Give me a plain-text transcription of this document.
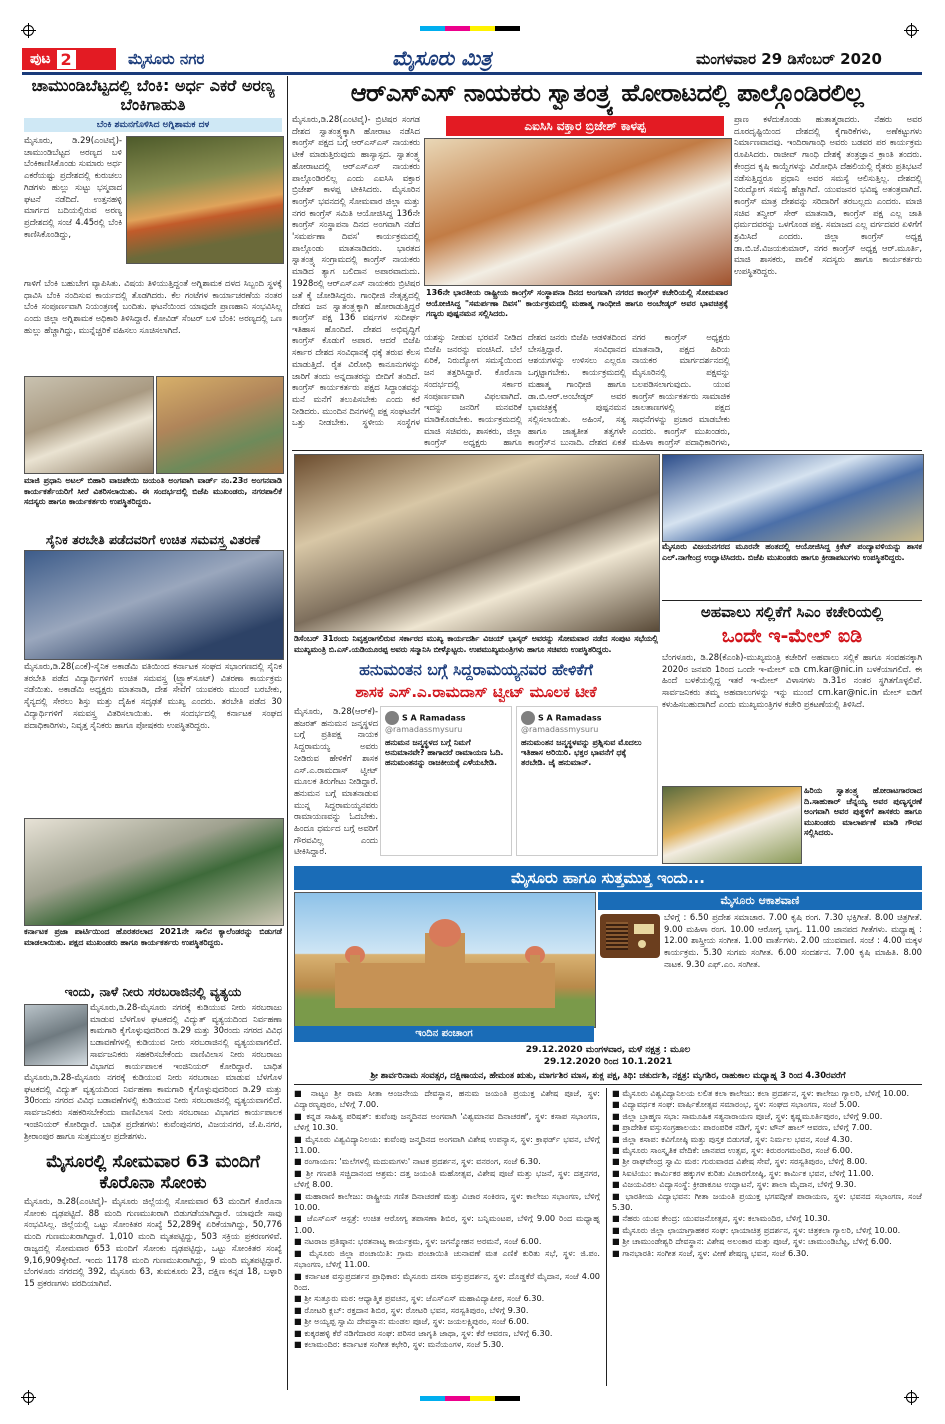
ಪುಟ 2	ಮೈಸೂರು ನಗರ	ಮೈಸೂರು ಮಿತ್ರ	ಮಂಗಳವಾರ 29 ಡಿಸೆಂಬರ್ 2020
ಚಾಮುಂಡಿಬೆಟ್ಟದಲ್ಲಿ ಬೆಂಕಿ: ಅರ್ಧ ಎಕರೆ ಅರಣ್ಯ ಬೆಂಕಿಗಾಹುತಿ
ಬೆಂಕಿ ಶಮನಗೊಳಿಸಿದ ಅಗ್ನಿಶಾಮಕ ದಳ
ಮೈಸೂರು, ಡಿ.29(ಎಂಟಿವೈ)- ಚಾಮುಂಡಿಬೆಟ್ಟದ ಅರಣ್ಯದ ಬಳಿ ಬೆಂಕಿಕಾಣಿಸಿಕೊಂಡು ಸುಮಾರು ಅರ್ಧ ಎಕರೆಯಷ್ಟು ಪ್ರದೇಶದಲ್ಲಿ ಕುರುಚಲು ಗಿಡಗಳು ಹುಲ್ಲು ಸುಟ್ಟು ಭಸ್ಮವಾದ ಘಟನೆ ನಡೆದಿದೆ. ಉತ್ತನಹಳ್ಳಿ ಮಾರ್ಗದ ಬದಿಯಲ್ಲಿರುವ ಅರಣ್ಯ ಪ್ರದೇಶದಲ್ಲಿ ಸಂಜೆ 4.45ರಲ್ಲಿ ಬೆಂಕಿ ಕಾಣಿಸಿಕೊಂಡಿದ್ದು,
ಗಾಳಿಗೆ ಬೆಂಕಿ ಬಹುಬೇಗ ವ್ಯಾಪಿಸಿತು. ವಿಷಯ ತಿಳಿಯುತ್ತಿದ್ದಂತೆ ಅಗ್ನಿಶಾಮಕ ದಳದ ಸಿಬ್ಬಂದಿ ಸ್ಥಳಕ್ಕೆ ಧಾವಿಸಿ ಬೆಂಕಿ ನಂದಿಸುವ ಕಾರ್ಯದಲ್ಲಿ ತೊಡಗಿದರು. ಕೆಲ ಗಂಟೆಗಳ ಕಾರ್ಯಾಚರಣೆಯ ನಂತರ ಬೆಂಕಿ ಸಂಪೂರ್ಣವಾಗಿ ನಿಯಂತ್ರಣಕ್ಕೆ ಬಂದಿತು. ಘಟನೆಯಿಂದ ಯಾವುದೇ ಪ್ರಾಣಹಾನಿ ಸಂಭವಿಸಿಲ್ಲ ಎಂದು ಜಿಲ್ಲಾ ಅಗ್ನಿಶಾಮಕ ಅಧಿಕಾರಿ ತಿಳಿಸಿದ್ದಾರೆ. ಕೋವಿಡ್ ಸೆಂಟರ್ ಬಳಿ ಬೆಂಕಿ: ಅರಣ್ಯದಲ್ಲಿ ಒಣ ಹುಲ್ಲು ಹೆಚ್ಚಾಗಿದ್ದು, ಮುನ್ನೆಚ್ಚರಿಕೆ ವಹಿಸಲು ಸೂಚಿಸಲಾಗಿದೆ.
ಮಾಜಿ ಪ್ರಧಾನಿ ಅಟಲ್ ಬಿಹಾರಿ ವಾಜಪೇಯಿ ಜಯಂತಿ ಅಂಗವಾಗಿ ವಾರ್ಡ್ ನಂ.23ರ ಅಂಗನವಾಡಿ ಕಾರ್ಯಕರ್ತೆಯರಿಗೆ ಸೀರೆ ವಿತರಿಸಲಾಯಿತು. ಈ ಸಂದರ್ಭದಲ್ಲಿ ಬಿಜೆಪಿ ಮುಖಂಡರು, ನಗರಪಾಲಿಕೆ ಸದಸ್ಯರು ಹಾಗೂ ಕಾರ್ಯಕರ್ತರು ಉಪಸ್ಥಿತರಿದ್ದರು.
ಸೈನಿಕ ತರಬೇತಿ ಪಡೆದವರಿಗೆ ಉಚಿತ ಸಮವಸ್ತ್ರ ವಿತರಣೆ
ಮೈಸೂರು,ಡಿ.28(ಎಂಕೆ)-ಸೈನಿಕ ಅಕಾಡೆಮಿ ವತಿಯಿಂದ ಕರ್ನಾಟಕ ಸಂಘದ ಸಭಾಂಗಣದಲ್ಲಿ ಸೈನಿಕ ತರಬೇತಿ ಪಡೆದ ವಿದ್ಯಾರ್ಥಿಗಳಿಗೆ ಉಚಿತ ಸಮವಸ್ತ್ರ (ಟ್ರ್ಯಾಕ್‌ಸೂಟ್) ವಿತರಣಾ ಕಾರ್ಯಕ್ರಮ ನಡೆಯಿತು. ಅಕಾಡೆಮಿ ಅಧ್ಯಕ್ಷರು ಮಾತನಾಡಿ, ದೇಶ ಸೇವೆಗೆ ಯುವಕರು ಮುಂದೆ ಬರಬೇಕು, ಸೈನ್ಯದಲ್ಲಿ ಸೇರಲು ಶಿಸ್ತು ಮತ್ತು ದೈಹಿಕ ಸದೃಢತೆ ಮುಖ್ಯ ಎಂದರು. ತರಬೇತಿ ಪಡೆದ 30 ವಿದ್ಯಾರ್ಥಿಗಳಿಗೆ ಸಮವಸ್ತ್ರ ವಿತರಿಸಲಾಯಿತು. ಈ ಸಂದರ್ಭದಲ್ಲಿ ಕರ್ನಾಟಕ ಸಂಘದ ಪದಾಧಿಕಾರಿಗಳು, ನಿವೃತ್ತ ಸೈನಿಕರು ಹಾಗೂ ಪೋಷಕರು ಉಪಸ್ಥಿತರಿದ್ದರು.
ಕರ್ನಾಟಕ ಪ್ರಜಾ ಪಾರ್ಟಿಯಿಂದ ಹೊರತರಲಾದ 2021ನೇ ಸಾಲಿನ ಕ್ಯಾಲೆಂಡರನ್ನು ಬಿಡುಗಡೆ ಮಾಡಲಾಯಿತು. ಪಕ್ಷದ ಮುಖಂಡರು ಹಾಗೂ ಕಾರ್ಯಕರ್ತರು ಉಪಸ್ಥಿತರಿದ್ದರು.
ಇಂದು, ನಾಳೆ ನೀರು ಸರಬರಾಜಿನಲ್ಲಿ ವ್ಯತ್ಯಯ
ಮೈಸೂರು,ಡಿ.28-ಮೈಸೂರು ನಗರಕ್ಕೆ ಕುಡಿಯುವ ನೀರು ಸರಬರಾಜು ಮಾಡುವ ಬೆಳಗೊಳ ಘಟಕದಲ್ಲಿ ವಿದ್ಯುತ್ ವ್ಯತ್ಯಯದಿಂದ ನಿರ್ವಹಣಾ ಕಾಮಗಾರಿ ಕೈಗೊಳ್ಳುವುದರಿಂದ ಡಿ.29 ಮತ್ತು 30ರಂದು ನಗರದ ವಿವಿಧ ಬಡಾವಣೆಗಳಲ್ಲಿ ಕುಡಿಯುವ ನೀರು ಸರಬರಾಜಿನಲ್ಲಿ ವ್ಯತ್ಯಯವಾಗಲಿದೆ. ಸಾರ್ವಜನಿಕರು ಸಹಕರಿಸಬೇಕೆಂದು ವಾಣಿವಿಲಾಸ ನೀರು ಸರಬರಾಜು ವಿಭಾಗದ ಕಾರ್ಯಪಾಲಕ ಇಂಜಿನಿಯರ್ ಕೋರಿದ್ದಾರೆ. ಬಾಧಿತ
ಮೈಸೂರು,ಡಿ.28-ಮೈಸೂರು ನಗರಕ್ಕೆ ಕುಡಿಯುವ ನೀರು ಸರಬರಾಜು ಮಾಡುವ ಬೆಳಗೊಳ ಘಟಕದಲ್ಲಿ ವಿದ್ಯುತ್ ವ್ಯತ್ಯಯದಿಂದ ನಿರ್ವಹಣಾ ಕಾಮಗಾರಿ ಕೈಗೊಳ್ಳುವುದರಿಂದ ಡಿ.29 ಮತ್ತು 30ರಂದು ನಗರದ ವಿವಿಧ ಬಡಾವಣೆಗಳಲ್ಲಿ ಕುಡಿಯುವ ನೀರು ಸರಬರಾಜಿನಲ್ಲಿ ವ್ಯತ್ಯಯವಾಗಲಿದೆ. ಸಾರ್ವಜನಿಕರು ಸಹಕರಿಸಬೇಕೆಂದು ವಾಣಿವಿಲಾಸ ನೀರು ಸರಬರಾಜು ವಿಭಾಗದ ಕಾರ್ಯಪಾಲಕ ಇಂಜಿನಿಯರ್ ಕೋರಿದ್ದಾರೆ. ಬಾಧಿತ ಪ್ರದೇಶಗಳು: ಕುವೆಂಪುನಗರ, ವಿಜಯನಗರ, ಜೆ.ಪಿ.ನಗರ, ಶ್ರೀರಾಂಪುರ ಹಾಗೂ ಸುತ್ತಮುತ್ತಲ ಪ್ರದೇಶಗಳು.
ಮೈಸೂರಲ್ಲಿ ಸೋಮವಾರ 63 ಮಂದಿಗೆ ಕೊರೊನಾ ಸೋಂಕು
ಮೈಸೂರು, ಡಿ.28(ಎಂಟಿವೈ)- ಮೈಸೂರು ಜಿಲ್ಲೆಯಲ್ಲಿ ಸೋಮವಾರ 63 ಮಂದಿಗೆ ಕೊರೊನಾ ಸೋಂಕು ದೃಢಪಟ್ಟಿದೆ. 88 ಮಂದಿ ಗುಣಮುಖರಾಗಿ ಬಿಡುಗಡೆಯಾಗಿದ್ದಾರೆ. ಯಾವುದೇ ಸಾವು ಸಂಭವಿಸಿಲ್ಲ. ಜಿಲ್ಲೆಯಲ್ಲಿ ಒಟ್ಟು ಸೋಂಕಿತರ ಸಂಖ್ಯೆ 52,289ಕ್ಕೆ ಏರಿಕೆಯಾಗಿದ್ದು, 50,776 ಮಂದಿ ಗುಣಮುಖರಾಗಿದ್ದಾರೆ. 1,010 ಮಂದಿ ಮೃತಪಟ್ಟಿದ್ದು, 503 ಸಕ್ರಿಯ ಪ್ರಕರಣಗಳಿವೆ. ರಾಜ್ಯದಲ್ಲಿ ಸೋಮವಾರ 653 ಮಂದಿಗೆ ಸೋಂಕು ದೃಢಪಟ್ಟಿದ್ದು, ಒಟ್ಟು ಸೋಂಕಿತರ ಸಂಖ್ಯೆ 9,16,909ಕ್ಕೇರಿದೆ. ಇಂದು 1178 ಮಂದಿ ಗುಣಮುಖರಾಗಿದ್ದು, 9 ಮಂದಿ ಮೃತಪಟ್ಟಿದ್ದಾರೆ. ಬೆಂಗಳೂರು ನಗರದಲ್ಲಿ 392, ಮೈಸೂರು 63, ತುಮಕೂರು 23, ದಕ್ಷಿಣ ಕನ್ನಡ 18, ಬಳ್ಳಾರಿ 15 ಪ್ರಕರಣಗಳು ವರದಿಯಾಗಿವೆ.
ಆರ್‌ಎಸ್‌ಎಸ್ ನಾಯಕರು ಸ್ವಾತಂತ್ರ್ಯ ಹೋರಾಟದಲ್ಲಿ ಪಾಲ್ಗೊಂಡಿರಲಿಲ್ಲ
ಮೈಸೂರು,ಡಿ.28(ಎಂಟಿವೈ)- ಬ್ರಿಟಿಷರ ಸಂಗಡ ದೇಶದ ಸ್ವಾತಂತ್ರ್ಯಕ್ಕಾಗಿ ಹೋರಾಟ ನಡೆಸಿದ ಕಾಂಗ್ರೆಸ್ ಪಕ್ಷದ ಬಗ್ಗೆ ಆರ್‌ಎಸ್‌ಎಸ್ ನಾಯಕರು ಟೀಕೆ ಮಾಡುತ್ತಿರುವುದು ಹಾಸ್ಯಾಸ್ಪದ. ಸ್ವಾತಂತ್ರ್ಯ ಹೋರಾಟದಲ್ಲಿ ಆರ್‌ಎಸ್‌ಎಸ್ ನಾಯಕರು ಪಾಲ್ಗೊಂಡಿರಲಿಲ್ಲ ಎಂದು ಎಐಸಿಸಿ ವಕ್ತಾರ ಬ್ರಿಜೇಶ್ ಕಾಳಪ್ಪ ಟೀಕಿಸಿದರು. ಮೈಸೂರಿನ ಕಾಂಗ್ರೆಸ್ ಭವನದಲ್ಲಿ ಸೋಮವಾರ ಜಿಲ್ಲಾ ಮತ್ತು ನಗರ ಕಾಂಗ್ರೆಸ್ ಸಮಿತಿ ಆಯೋಜಿಸಿದ್ದ 136ನೇ ಕಾಂಗ್ರೆಸ್ ಸಂಸ್ಥಾಪನಾ ದಿನದ ಅಂಗವಾಗಿ ನಡೆದ 'ಸಮರ್ಪಣಾ ದಿವಸ' ಕಾರ್ಯಕ್ರಮದಲ್ಲಿ ಪಾಲ್ಗೊಂಡು ಮಾತನಾಡಿದರು. ಭಾರತದ ಸ್ವಾತಂತ್ರ್ಯ ಸಂಗ್ರಾಮದಲ್ಲಿ ಕಾಂಗ್ರೆಸ್ ನಾಯಕರು ಮಾಡಿದ ತ್ಯಾಗ ಬಲಿದಾನ ಅಪಾರವಾದುದು. 1928ರಲ್ಲಿ ಆರ್‌ಎಸ್‌ಎಸ್ ನಾಯಕರು ಬ್ರಿಟಿಷರ ಜತೆ ಕೈ ಜೋಡಿಸಿದ್ದರು. ಗಾಂಧೀಜಿ ನೇತೃತ್ವದಲ್ಲಿ ದೇಶದ ಜನ ಸ್ವಾತಂತ್ರ್ಯಕ್ಕಾಗಿ ಹೋರಾಡುತ್ತಿದ್ದರೆ
ಕಾಂಗ್ರೆಸ್ ಪಕ್ಷ 136 ವರ್ಷಗಳ ಸುದೀರ್ಘ ಇತಿಹಾಸ ಹೊಂದಿದೆ. ದೇಶದ ಅಭಿವೃದ್ಧಿಗೆ ಕಾಂಗ್ರೆಸ್ ಕೊಡುಗೆ ಅಪಾರ. ಆದರೆ ಬಿಜೆಪಿ ಸರ್ಕಾರ ದೇಶದ ಸಂವಿಧಾನಕ್ಕೆ ಧಕ್ಕೆ ತರುವ ಕೆಲಸ ಮಾಡುತ್ತಿದೆ. ರೈತ ವಿರೋಧಿ ಕಾನೂನುಗಳನ್ನು ಜಾರಿಗೆ ತಂದು ಅನ್ನದಾತರನ್ನು ಬೀದಿಗೆ ತಂದಿದೆ. ಕಾಂಗ್ರೆಸ್ ಕಾರ್ಯಕರ್ತರು ಪಕ್ಷದ ಸಿದ್ಧಾಂತವನ್ನು ಮನೆ ಮನೆಗೆ ತಲುಪಿಸಬೇಕು ಎಂದು ಕರೆ ನೀಡಿದರು. ಮುಂದಿನ ದಿನಗಳಲ್ಲಿ ಪಕ್ಷ ಸಂಘಟನೆಗೆ ಒತ್ತು ನೀಡಬೇಕು. ಸ್ಥಳೀಯ ಸಂಸ್ಥೆಗಳ
ಎಐಸಿಸಿ ವಕ್ತಾರ ಬ್ರಿಜೇಶ್ ಕಾಳಪ್ಪ
136ನೇ ಭಾರತೀಯ ರಾಷ್ಟ್ರೀಯ ಕಾಂಗ್ರೆಸ್ ಸಂಸ್ಥಾಪನಾ ದಿನದ ಅಂಗವಾಗಿ ನಗರದ ಕಾಂಗ್ರೆಸ್ ಕಚೇರಿಯಲ್ಲಿ ಸೋಮವಾರ ಆಯೋಜಿಸಿದ್ದ "ಸಮರ್ಪಣಾ ದಿವಸ" ಕಾರ್ಯಕ್ರಮದಲ್ಲಿ ಮಹಾತ್ಮ ಗಾಂಧೀಜಿ ಹಾಗೂ ಅಂಬೇಡ್ಕರ್ ಅವರ ಭಾವಚಿತ್ರಕ್ಕೆ ಗಣ್ಯರು ಪುಷ್ಪನಮನ ಸಲ್ಲಿಸಿದರು.
ಯಶಸ್ಸು ನೀಡುವ ಭರವಸೆ ನೀಡಿದ ಬಿಜೆಪಿ ಜನರನ್ನು ವಂಚಿಸಿದೆ. ಬೆಲೆ ಏರಿಕೆ, ನಿರುದ್ಯೋಗ ಸಮಸ್ಯೆಯಿಂದ ಜನ ತತ್ತರಿಸಿದ್ದಾರೆ. ಕೊರೊನಾ ಸಂದರ್ಭದಲ್ಲಿ ಸರ್ಕಾರ ಸಂಪೂರ್ಣವಾಗಿ ವಿಫಲವಾಗಿದೆ. ಇದನ್ನು ಜನರಿಗೆ ಮನವರಿಕೆ ಮಾಡಿಕೊಡಬೇಕು. ಕಾರ್ಯಕ್ರಮದಲ್ಲಿ ಮಾಜಿ ಸಚಿವರು, ಶಾಸಕರು, ಜಿಲ್ಲಾ ಕಾಂಗ್ರೆಸ್ ಅಧ್ಯಕ್ಷರು ಹಾಗೂ
ದೇಶದ ಜನರು ಬಿಜೆಪಿ ಆಡಳಿತದಿಂದ ಬೇಸತ್ತಿದ್ದಾರೆ. ಸಂವಿಧಾನದ ಆಶಯಗಳನ್ನು ಉಳಿಸಲು ಎಲ್ಲರೂ ಒಗ್ಗಟ್ಟಾಗಬೇಕು. ಕಾರ್ಯಕ್ರಮದಲ್ಲಿ ಮಹಾತ್ಮ ಗಾಂಧೀಜಿ ಹಾಗೂ ಡಾ.ಬಿ.ಆರ್.ಅಂಬೇಡ್ಕರ್ ಅವರ ಭಾವಚಿತ್ರಕ್ಕೆ ಪುಷ್ಪನಮನ ಸಲ್ಲಿಸಲಾಯಿತು. ಅಹಿಂಸೆ, ಸತ್ಯ ಹಾಗೂ ಜಾತ್ಯತೀತ ತತ್ವಗಳೇ ಕಾಂಗ್ರೆಸ್‌ನ ಬುನಾದಿ. ದೇಶದ ಏಕತೆ
ನಗರ ಕಾಂಗ್ರೆಸ್ ಅಧ್ಯಕ್ಷರು ಮಾತನಾಡಿ, ಪಕ್ಷದ ಹಿರಿಯ ನಾಯಕರ ಮಾರ್ಗದರ್ಶನದಲ್ಲಿ ಮೈಸೂರಿನಲ್ಲಿ ಪಕ್ಷವನ್ನು ಬಲಪಡಿಸಲಾಗುವುದು. ಯುವ ಕಾಂಗ್ರೆಸ್ ಕಾರ್ಯಕರ್ತರು ಸಾಮಾಜಿಕ ಜಾಲತಾಣಗಳಲ್ಲಿ ಪಕ್ಷದ ಸಾಧನೆಗಳನ್ನು ಪ್ರಚಾರ ಮಾಡಬೇಕು ಎಂದರು. ಕಾಂಗ್ರೆಸ್ ಮುಖಂಡರು, ಮಹಿಳಾ ಕಾಂಗ್ರೆಸ್ ಪದಾಧಿಕಾರಿಗಳು,
ಪ್ರಾಣ ಕಳೆದುಕೊಂಡು ಹುತಾತ್ಮರಾದರು. ನೆಹರು ಅವರ ದೂರದೃಷ್ಟಿಯಿಂದ ದೇಶದಲ್ಲಿ ಕೈಗಾರಿಕೆಗಳು, ಅಣೆಕಟ್ಟುಗಳು ನಿರ್ಮಾಣವಾದವು. ಇಂದಿರಾಗಾಂಧಿ ಅವರು ಬಡವರ ಪರ ಕಾರ್ಯಕ್ರಮ ರೂಪಿಸಿದರು. ರಾಜೀವ್ ಗಾಂಧಿ ದೇಶಕ್ಕೆ ತಂತ್ರಜ್ಞಾನ ಕ್ರಾಂತಿ ತಂದರು. ಕೇಂದ್ರದ ಕೃಷಿ ಕಾಯ್ದೆಗಳನ್ನು ವಿರೋಧಿಸಿ ದೆಹಲಿಯಲ್ಲಿ ರೈತರು ಪ್ರತಿಭಟನೆ ನಡೆಸುತ್ತಿದ್ದರೂ ಪ್ರಧಾನಿ ಅವರ ಸಮಸ್ಯೆ ಆಲಿಸುತ್ತಿಲ್ಲ. ದೇಶದಲ್ಲಿ ನಿರುದ್ಯೋಗ ಸಮಸ್ಯೆ ಹೆಚ್ಚಾಗಿದೆ. ಯುವಜನರ ಭವಿಷ್ಯ ಅತಂತ್ರವಾಗಿದೆ. ಕಾಂಗ್ರೆಸ್ ಮಾತ್ರ ದೇಶವನ್ನು ಸರಿದಾರಿಗೆ ತರಬಲ್ಲದು ಎಂದರು. ಮಾಜಿ ಸಚಿವ ತನ್ವೀರ್ ಸೇಠ್ ಮಾತನಾಡಿ, ಕಾಂಗ್ರೆಸ್ ಪಕ್ಷ ಎಲ್ಲ ಜಾತಿ ಧರ್ಮದವರನ್ನು ಒಳಗೊಂಡ ಪಕ್ಷ. ಸಮಾಜದ ಎಲ್ಲ ವರ್ಗದವರ ಏಳಿಗೆಗೆ ಶ್ರಮಿಸಿದೆ ಎಂದರು. ಜಿಲ್ಲಾ ಕಾಂಗ್ರೆಸ್ ಅಧ್ಯಕ್ಷ ಡಾ.ಬಿ.ಜೆ.ವಿಜಯಕುಮಾರ್, ನಗರ ಕಾಂಗ್ರೆಸ್ ಅಧ್ಯಕ್ಷ ಆರ್.ಮೂರ್ತಿ, ಮಾಜಿ ಶಾಸಕರು, ಪಾಲಿಕೆ ಸದಸ್ಯರು ಹಾಗೂ ಕಾರ್ಯಕರ್ತರು ಉಪಸ್ಥಿತರಿದ್ದರು.
ಡಿಸೆಂಬರ್ 31ರಂದು ನಿವೃತ್ತರಾಗಲಿರುವ ಸರ್ಕಾರದ ಮುಖ್ಯ ಕಾರ್ಯದರ್ಶಿ ವಿಜಯ್ ಭಾಸ್ಕರ್ ಅವರನ್ನು ಸೋಮವಾರ ನಡೆದ ಸಂಪುಟ ಸಭೆಯಲ್ಲಿ ಮುಖ್ಯಮಂತ್ರಿ ಬಿ.ಎಸ್.ಯಡಿಯೂರಪ್ಪ ಅವರು ಸನ್ಮಾನಿಸಿ ಬೀಳ್ಕೊಟ್ಟರು. ಉಪಮುಖ್ಯಮಂತ್ರಿಗಳು ಹಾಗೂ ಸಚಿವರು ಉಪಸ್ಥಿತರಿದ್ದರು.
ಮೈಸೂರು ವಿಜಯನಗರದ ಮೂರನೇ ಹಂತದಲ್ಲಿ ಆಯೋಜಿಸಿದ್ದ ಕ್ರಿಕೆಟ್ ಪಂದ್ಯಾವಳಿಯನ್ನು ಶಾಸಕ ಎಲ್.ನಾಗೇಂದ್ರ ಉದ್ಘಾಟಿಸಿದರು. ಬಿಜೆಪಿ ಮುಖಂಡರು ಹಾಗೂ ಕ್ರೀಡಾಪಟುಗಳು ಉಪಸ್ಥಿತರಿದ್ದರು.
ಅಹವಾಲು ಸಲ್ಲಿಕೆಗೆ ಸಿಎಂ ಕಚೇರಿಯಲ್ಲಿ
ಒಂದೇ ಇ-ಮೇಲ್ ಐಡಿ
ಬೆಂಗಳೂರು, ಡಿ.28(ಕೆಎಂಶಿ)-ಮುಖ್ಯಮಂತ್ರಿ ಕಚೇರಿಗೆ ಅಹವಾಲು ಸಲ್ಲಿಕೆ ಹಾಗೂ ಸಂವಹನಕ್ಕಾಗಿ 2020ರ ಜನವರಿ 1ರಿಂದ ಒಂದೇ ಇ-ಮೇಲ್ ಐಡಿ cm.kar@nic.in ಬಳಕೆಯಾಗಲಿದೆ. ಈ ಹಿಂದೆ ಬಳಕೆಯಲ್ಲಿದ್ದ ಇತರೆ ಇ-ಮೇಲ್ ವಿಳಾಸಗಳು ಡಿ.31ರ ನಂತರ ಸ್ಥಗಿತಗೊಳ್ಳಲಿವೆ. ಸಾರ್ವಜನಿಕರು ತಮ್ಮ ಅಹವಾಲುಗಳನ್ನು ಇನ್ನು ಮುಂದೆ cm.kar@nic.in ಮೇಲ್ ಐಡಿಗೆ ಕಳುಹಿಸಬಹುದಾಗಿದೆ ಎಂದು ಮುಖ್ಯಮಂತ್ರಿಗಳ ಕಚೇರಿ ಪ್ರಕಟಣೆಯಲ್ಲಿ ತಿಳಿಸಿದೆ.
ಹಿರಿಯ ಸ್ವಾತಂತ್ರ್ಯ ಹೋರಾಟಗಾರರಾದ ದಿ.ಸಾಹುಕಾರ್ ಚೆನ್ನಯ್ಯ ಅವರ ಪುಣ್ಯಸ್ಮರಣೆ ಅಂಗವಾಗಿ ಅವರ ಪುತ್ಥಳಿಗೆ ಶಾಸಕರು ಹಾಗೂ ಮುಖಂಡರು ಮಾಲಾರ್ಪಣೆ ಮಾಡಿ ಗೌರವ ಸಲ್ಲಿಸಿದರು.
ಹನುಮಂತನ ಬಗ್ಗೆ ಸಿದ್ದರಾಮಯ್ಯನವರ ಹೇಳಿಕೆಗೆ
ಶಾಸಕ ಎಸ್.ಎ.ರಾಮದಾಸ್ ಟ್ವೀಟ್ ಮೂಲಕ ಟೀಕೆ
ಮೈಸೂರು, ಡಿ.28(ಆರ್‌ಕೆ)- ಹಜರತ್ ಹನುಮನ ಜನ್ಮಸ್ಥಳದ ಬಗ್ಗೆ ಪ್ರತಿಪಕ್ಷ ನಾಯಕ ಸಿದ್ದರಾಮಯ್ಯ ಅವರು ನೀಡಿರುವ ಹೇಳಿಕೆಗೆ ಶಾಸಕ ಎಸ್.ಎ.ರಾಮದಾಸ್ ಟ್ವೀಟ್ ಮೂಲಕ ತಿರುಗೇಟು ನೀಡಿದ್ದಾರೆ. ಹನುಮನ ಬಗ್ಗೆ ಮಾತನಾಡುವ ಮುನ್ನ ಸಿದ್ದರಾಮಯ್ಯನವರು ರಾಮಾಯಣವನ್ನು ಓದಬೇಕು. ಹಿಂದೂ ಧರ್ಮದ ಬಗ್ಗೆ ಅವರಿಗೆ ಗೌರವವಿಲ್ಲ ಎಂದು ಟೀಕಿಸಿದ್ದಾರೆ.
S A Ramadass
@ramadassmysuru
ಹನುಮನ ಜನ್ಮಸ್ಥಳದ ಬಗ್ಗೆ ನಿಮಗೆ ಅನುಮಾನವೇ? ಹಾಗಾದರೆ ರಾಮಾಯಣ ಓದಿ. ಹನುಮಂತನನ್ನು ರಾಜಕೀಯಕ್ಕೆ ಎಳೆಯಬೇಡಿ.
S A Ramadass
@ramadassmysuru
ಹನುಮಂತನ ಜನ್ಮಸ್ಥಳವನ್ನು ಪ್ರಶ್ನಿಸುವ ಮೊದಲು ಇತಿಹಾಸ ಅರಿಯಿರಿ. ಭಕ್ತರ ಭಾವನೆಗೆ ಧಕ್ಕೆ ತರಬೇಡಿ. ಜೈ ಹನುಮಾನ್.
ಮೈಸೂರು ಹಾಗೂ ಸುತ್ತಮುತ್ತ ಇಂದು...
ಇಂದಿನ ಪಂಚಾಂಗ
ಮೈಸೂರು ಆಕಾಶವಾಣಿ
ಬೆಳಿಗ್ಗೆ : 6.50 ಪ್ರದೇಶ ಸಮಾಚಾರ. 7.00 ಕೃಷಿ ರಂಗ. 7.30 ಭಕ್ತಿಗೀತೆ. 8.00 ಚಿತ್ರಗೀತೆ. 9.00 ಮಹಿಳಾ ರಂಗ. 10.00 ಆರೋಗ್ಯ ಭಾಗ್ಯ. 11.00 ಜಾನಪದ ಗೀತೆಗಳು. ಮಧ್ಯಾಹ್ನ : 12.00 ಶಾಸ್ತ್ರೀಯ ಸಂಗೀತ. 1.00 ವಾರ್ತೆಗಳು. 2.00 ಯುವವಾಣಿ. ಸಂಜೆ : 4.00 ಮಕ್ಕಳ ಕಾರ್ಯಕ್ರಮ. 5.30 ಸುಗಮ ಸಂಗೀತ. 6.00 ಸಂದರ್ಶನ. 7.00 ಕೃಷಿ ಮಾಹಿತಿ. 8.00 ನಾಟಕ. 9.30 ಎಫ್.ಎಂ. ಸಂಗೀತ.
29.12.2020 ಮಂಗಳವಾರ, ಮಳೆ ನಕ್ಷತ್ರ : ಮೂಲ
29.12.2020 ರಿಂದ 10.1.2021
ಶ್ರೀ ಶಾರ್ವರಿನಾಮ ಸಂವತ್ಸರ, ದಕ್ಷಿಣಾಯನ, ಹೇಮಂತ ಋತು, ಮಾರ್ಗಶಿರ ಮಾಸ, ಶುಕ್ಲ ಪಕ್ಷ, ತಿಥಿ: ಚತುರ್ದಶಿ, ನಕ್ಷತ್ರ: ಮೃಗಶಿರ, ರಾಹುಕಾಲ ಮಧ್ಯಾಹ್ನ 3 ರಿಂದ 4.30ರವರೆಗೆ
■ ನಾಟ್ಯಂ ಶ್ರೀ ರಾಮ ಸೀತಾ ಆಂಜನೇಯ ದೇವಸ್ಥಾನ, ಹನುಮ ಜಯಂತಿ ಪ್ರಯುಕ್ತ ವಿಶೇಷ ಪೂಜೆ, ಸ್ಥಳ: ವಿದ್ಯಾರಣ್ಯಪುರಂ, ಬೆಳಿಗ್ಗೆ 7.00.
■ ಕನ್ನಡ ಸಾಹಿತ್ಯ ಪರಿಷತ್: ಕುವೆಂಪು ಜನ್ಮದಿನದ ಅಂಗವಾಗಿ 'ವಿಶ್ವಮಾನವ ದಿನಾಚರಣೆ', ಸ್ಥಳ: ಕಸಾಪ ಸಭಾಂಗಣ, ಬೆಳಿಗ್ಗೆ 10.30.
■ ಮೈಸೂರು ವಿಶ್ವವಿದ್ಯಾನಿಲಯ: ಕುವೆಂಪು ಜನ್ಮದಿನದ ಅಂಗವಾಗಿ ವಿಶೇಷ ಉಪನ್ಯಾಸ, ಸ್ಥಳ: ಕ್ರಾಫರ್ಡ್ ಭವನ, ಬೆಳಿಗ್ಗೆ 11.00.
■ ರಂಗಾಯಣ: 'ಮಲೆಗಳಲ್ಲಿ ಮದುಮಗಳು' ನಾಟಕ ಪ್ರದರ್ಶನ, ಸ್ಥಳ: ವನರಂಗ, ಸಂಜೆ 6.30.
■ ಶ್ರೀ ಗಣಪತಿ ಸಚ್ಚಿದಾನಂದ ಆಶ್ರಮ: ದತ್ತ ಜಯಂತಿ ಮಹೋತ್ಸವ, ವಿಶೇಷ ಪೂಜೆ ಮತ್ತು ಭಜನೆ, ಸ್ಥಳ: ದತ್ತನಗರ, ಬೆಳಿಗ್ಗೆ 8.00.
■ ಮಹಾರಾಣಿ ಕಾಲೇಜು: ರಾಷ್ಟ್ರೀಯ ಗಣಿತ ದಿನಾಚರಣೆ ಮತ್ತು ವಿಚಾರ ಸಂಕಿರಣ, ಸ್ಥಳ: ಕಾಲೇಜು ಸಭಾಂಗಣ, ಬೆಳಿಗ್ಗೆ 10.00.
■ ಜೆಎಸ್‌ಎಸ್ ಆಸ್ಪತ್ರೆ: ಉಚಿತ ಆರೋಗ್ಯ ತಪಾಸಣಾ ಶಿಬಿರ, ಸ್ಥಳ: ಬನ್ನಿಮಂಟಪ, ಬೆಳಿಗ್ಗೆ 9.00 ರಿಂದ ಮಧ್ಯಾಹ್ನ 1.00.
■ ನಟರಾಜ ಪ್ರತಿಷ್ಠಾನ: ಭರತನಾಟ್ಯ ಕಾರ್ಯಕ್ರಮ, ಸ್ಥಳ: ಜಗನ್ಮೋಹನ ಅರಮನೆ, ಸಂಜೆ 6.00.
■ ಮೈಸೂರು ಜಿಲ್ಲಾ ಪಂಚಾಯಿತಿ: ಗ್ರಾಮ ಪಂಚಾಯಿತಿ ಚುನಾವಣೆ ಮತ ಎಣಿಕೆ ಕುರಿತು ಸಭೆ, ಸ್ಥಳ: ಜಿ.ಪಂ. ಸಭಾಂಗಣ, ಬೆಳಿಗ್ಗೆ 11.00.
■ ಕರ್ನಾಟಕ ವಸ್ತುಪ್ರದರ್ಶನ ಪ್ರಾಧಿಕಾರ: ಮೈಸೂರು ದಸರಾ ವಸ್ತುಪ್ರದರ್ಶನ, ಸ್ಥಳ: ದೊಡ್ಡಕೆರೆ ಮೈದಾನ, ಸಂಜೆ 4.00 ರಿಂದ.
■ ಶ್ರೀ ಸುತ್ತೂರು ಮಠ: ಆಧ್ಯಾತ್ಮಿಕ ಪ್ರವಚನ, ಸ್ಥಳ: ಜೆಎಸ್‌ಎಸ್ ಮಹಾವಿದ್ಯಾಪೀಠ, ಸಂಜೆ 6.30.
■ ರೋಟರಿ ಕ್ಲಬ್: ರಕ್ತದಾನ ಶಿಬಿರ, ಸ್ಥಳ: ರೋಟರಿ ಭವನ, ಸರಸ್ವತಿಪುರಂ, ಬೆಳಿಗ್ಗೆ 9.30.
■ ಶ್ರೀ ಅಯ್ಯಪ್ಪ ಸ್ವಾಮಿ ದೇವಸ್ಥಾನ: ಮಂಡಲ ಪೂಜೆ, ಸ್ಥಳ: ಜಯಲಕ್ಷ್ಮಿಪುರಂ, ಸಂಜೆ 6.00.
■ ಕುಕ್ಕರಹಳ್ಳಿ ಕೆರೆ ನಡಿಗೆದಾರರ ಸಂಘ: ಪರಿಸರ ಜಾಗೃತಿ ಜಾಥಾ, ಸ್ಥಳ: ಕೆರೆ ಆವರಣ, ಬೆಳಿಗ್ಗೆ 6.30.
■ ಕಲಾಮಂದಿರ: ಕರ್ನಾಟಕ ಸಂಗೀತ ಕಛೇರಿ, ಸ್ಥಳ: ಮನೆಯಂಗಳ, ಸಂಜೆ 5.30.
■ ಮೈಸೂರು ವಿಶ್ವವಿದ್ಯಾನಿಲಯ ಲಲಿತ ಕಲಾ ಕಾಲೇಜು: ಕಲಾ ಪ್ರದರ್ಶನ, ಸ್ಥಳ: ಕಾಲೇಜು ಗ್ಯಾಲರಿ, ಬೆಳಿಗ್ಗೆ 10.00.
■ ವಿದ್ಯಾವರ್ಧಕ ಸಂಘ: ವಾರ್ಷಿಕೋತ್ಸವ ಸಮಾರಂಭ, ಸ್ಥಳ: ಸಂಘದ ಸಭಾಂಗಣ, ಸಂಜೆ 5.00.
■ ಜಿಲ್ಲಾ ಬ್ರಾಹ್ಮಣ ಸಭಾ: ಸಾಮೂಹಿಕ ಸತ್ಯನಾರಾಯಣ ಪೂಜೆ, ಸ್ಥಳ: ಕೃಷ್ಣಮೂರ್ತಿಪುರಂ, ಬೆಳಿಗ್ಗೆ 9.00.
■ ಪ್ರಾದೇಶಿಕ ವಸ್ತುಸಂಗ್ರಹಾಲಯ: ಪಾರಂಪರಿಕ ನಡಿಗೆ, ಸ್ಥಳ: ಟೌನ್ ಹಾಲ್ ಆವರಣ, ಬೆಳಿಗ್ಗೆ 7.00.
■ ಜಿಲ್ಲಾ ಕಸಾಪ: ಕವಿಗೋಷ್ಠಿ ಮತ್ತು ಪುಸ್ತಕ ಬಿಡುಗಡೆ, ಸ್ಥಳ: ನಿರ್ಮಲ ಭವನ, ಸಂಜೆ 4.30.
■ ಮೈಸೂರು ಸಾಂಸ್ಕೃತಿಕ ವೇದಿಕೆ: ಜಾನಪದ ಉತ್ಸವ, ಸ್ಥಳ: ಕಿರುರಂಗಮಂದಿರ, ಸಂಜೆ 6.00.
■ ಶ್ರೀ ರಾಘವೇಂದ್ರ ಸ್ವಾಮಿ ಮಠ: ಗುರುವಾರದ ವಿಶೇಷ ಸೇವೆ, ಸ್ಥಳ: ಸರಸ್ವತಿಪುರಂ, ಬೆಳಿಗ್ಗೆ 8.00.
■ ಸಿಐಟಿಯು: ಕಾರ್ಮಿಕರ ಹಕ್ಕುಗಳ ಕುರಿತು ವಿಚಾರಗೋಷ್ಠಿ, ಸ್ಥಳ: ಕಾರ್ಮಿಕ ಭವನ, ಬೆಳಿಗ್ಗೆ 11.00.
■ ವಿಜಯವಿಠಲ ವಿದ್ಯಾಸಂಸ್ಥೆ: ಕ್ರೀಡಾಕೂಟ ಉದ್ಘಾಟನೆ, ಸ್ಥಳ: ಶಾಲಾ ಮೈದಾನ, ಬೆಳಿಗ್ಗೆ 9.30.
■ ಭಾರತೀಯ ವಿದ್ಯಾಭವನ: ಗೀತಾ ಜಯಂತಿ ಪ್ರಯುಕ್ತ ಭಗವದ್ಗೀತೆ ಪಾರಾಯಣ, ಸ್ಥಳ: ಭವನದ ಸಭಾಂಗಣ, ಸಂಜೆ 5.30.
■ ನೆಹರು ಯುವ ಕೇಂದ್ರ: ಯುವಜನೋತ್ಸವ, ಸ್ಥಳ: ಕಲಾಮಂದಿರ, ಬೆಳಿಗ್ಗೆ 10.30.
■ ಮೈಸೂರು ಜಿಲ್ಲಾ ಛಾಯಾಗ್ರಾಹಕರ ಸಂಘ: ಛಾಯಾಚಿತ್ರ ಪ್ರದರ್ಶನ, ಸ್ಥಳ: ಚಿತ್ರಕಲಾ ಗ್ಯಾಲರಿ, ಬೆಳಿಗ್ಗೆ 10.00.
■ ಶ್ರೀ ಚಾಮುಂಡೇಶ್ವರಿ ದೇವಸ್ಥಾನ: ವಿಶೇಷ ಅಲಂಕಾರ ಮತ್ತು ಪೂಜೆ, ಸ್ಥಳ: ಚಾಮುಂಡಿಬೆಟ್ಟ, ಬೆಳಿಗ್ಗೆ 6.00.
■ ಗಾನಭಾರತಿ: ಸಂಗೀತ ಸಂಜೆ, ಸ್ಥಳ: ವೀಣೆ ಶೇಷಣ್ಣ ಭವನ, ಸಂಜೆ 6.30.
